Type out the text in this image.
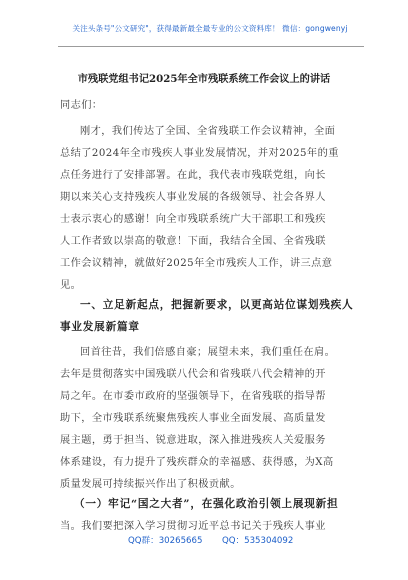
关注头条号"公文研究"，获得最新最全最专业的公文资料库！ 微信：gongwenyj
市残联党组书记2025年全市残联系统工作会议上的讲话
同志们：
刚才，我们传达了全国、全省残联工作会议精神，全面
总结了2024年全市残疾人事业发展情况，并对2025年的重
点任务进行了安排部署。在此，我代表市残联党组，向长
期以来关心支持残疾人事业发展的各级领导、社会各界人
士表示衷心的感谢！向全市残联系统广大干部职工和残疾
人工作者致以崇高的敬意！下面，我结合全国、全省残联
工作会议精神，就做好2025年全市残疾人工作，讲三点意
见。
一、立足新起点，把握新要求，以更高站位谋划残疾人
事业发展新篇章
回首往昔，我们倍感自豪；展望未来，我们重任在肩。
去年是贯彻落实中国残联八代会和省残联八代会精神的开
局之年。在市委市政府的坚强领导下，在省残联的指导帮
助下，全市残联系统聚焦残疾人事业全面发展、高质量发
展主题，勇于担当、锐意进取，深入推进残疾人关爱服务
体系建设，有力提升了残疾群众的幸福感、获得感，为X高
质量发展可持续振兴作出了积极贡献。
（一）牢记“国之大者”，在强化政治引领上展现新担
当。我们要把深入学习贯彻习近平总书记关于残疾人事业
QQ群：30265665 QQ：535304092
